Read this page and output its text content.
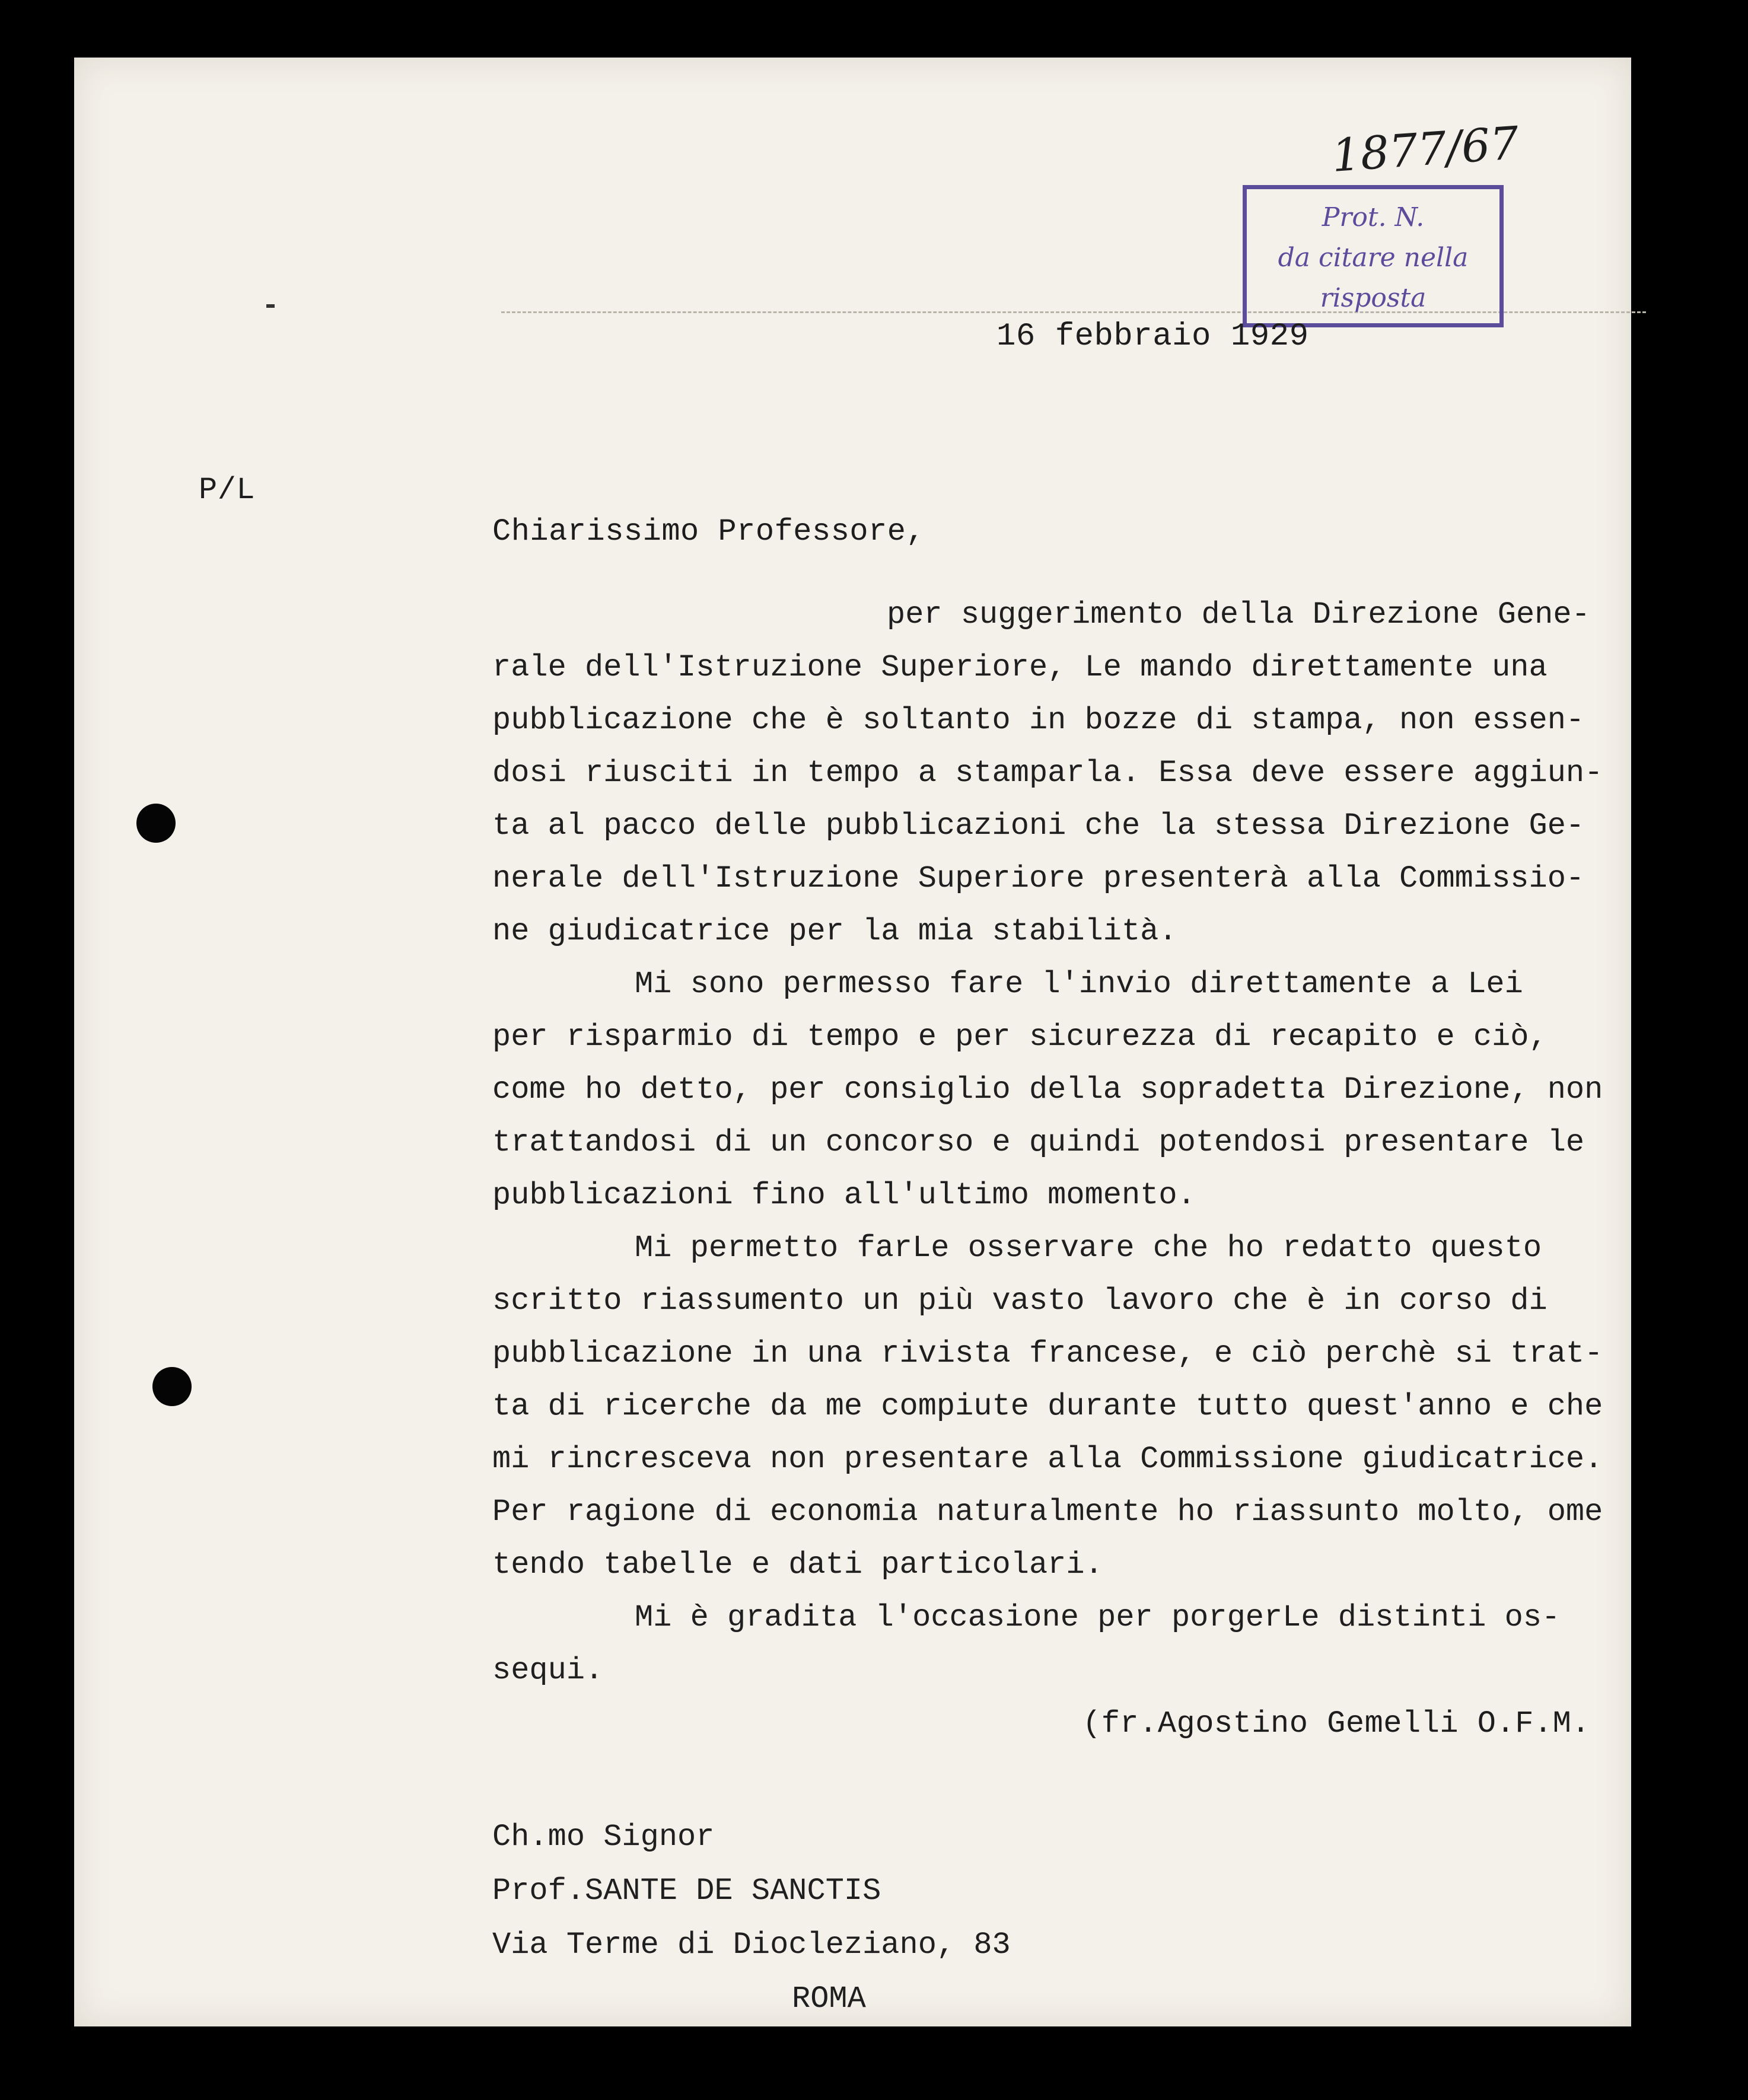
Prot. N.
da citare nella
risposta
1877/67
16 febbraio 1929
P/L
Chiarissimo Professore,
per suggerimento della Direzione Gene-
rale dell'Istruzione Superiore, Le mando direttamente una
pubblicazione che è soltanto in bozze di stampa, non essen-
dosi riusciti in tempo a stamparla. Essa deve essere aggiun-
ta al pacco delle pubblicazioni che la stessa Direzione Ge-
nerale dell'Istruzione Superiore presenterà alla Commissio-
ne giudicatrice per la mia stabilità.
Mi sono permesso fare l'invio direttamente a Lei
per risparmio di tempo e per sicurezza di recapito e ciò,
come ho detto, per consiglio della sopradetta Direzione, non
trattandosi di un concorso e quindi potendosi presentare le
pubblicazioni fino all'ultimo momento.
Mi permetto farLe osservare che ho redatto questo
scritto riassumento un più vasto lavoro che è in corso di
pubblicazione in una rivista francese, e ciò perchè si trat-
ta di ricerche da me compiute durante tutto quest'anno e che
mi rincresceva non presentare alla Commissione giudicatrice.
Per ragione di economia naturalmente ho riassunto molto, ome
tendo tabelle e dati particolari.
Mi è gradita l'occasione per porgerLe distinti os-
sequi.
(fr.Agostino Gemelli O.F.M.
Ch.mo Signor
Prof.SANTE DE SANCTIS
Via Terme di Diocleziano, 83
ROMA
